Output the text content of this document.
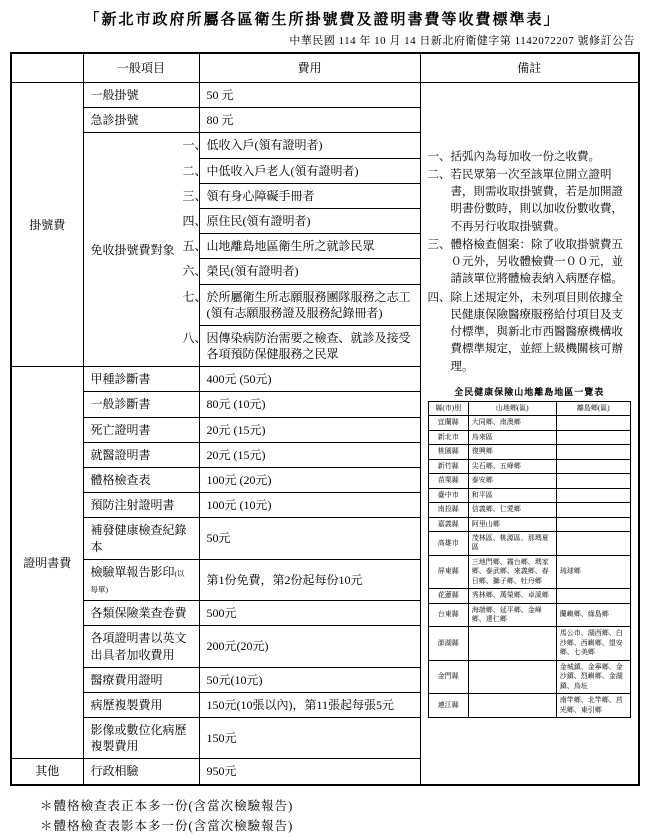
「新北市政府所屬各區衛生所掛號費及證明書費等收費標準表」
中華民國 114 年 10 月 14 日新北府衛健字第 1142072207 號修訂公告
	一般項目	費用	備註
掛號費	一般掛號	50 元	
一、括弧內為每加收一份之收費。
二、若民眾第一次至該單位開立證明書，則需收取掛號費，若是加開證明書份數時，則以加收份數收費，不再另行收取掛號費。
三、體格檢查個案：除了收取掛號費五０元外，另收體檢費一００元，並請該單位將體檢表納入病歷存檔。
四、除上述規定外，未列項目則依據全民健康保險醫療服務給付項目及支付標準，與新北市西醫醫療機構收費標準規定，並經上級機關核可辦理。
全民健康保險山地離島地區一覽表
縣(市)別	山地鄉(區)	離島鄉(區)
宜蘭縣	大同鄉、南澳鄉	
新北市	烏來區	
桃園縣	復興鄉	
新竹縣	尖石鄉、五峰鄉	
苗栗縣	泰安鄉	
臺中市	和平區	
南投縣	信義鄉、仁愛鄉	
嘉義縣	阿里山鄉	
高雄市	茂林區、桃源區、那瑪夏區	
屏東縣	三地門鄉、霧台鄉、瑪家鄉、泰武鄉、來義鄉、春日鄉、獅子鄉、牡丹鄉	琉球鄉
花蓮縣	秀林鄉、萬榮鄉、卓溪鄉	
台東縣	海端鄉、延平鄉、金峰鄉、達仁鄉	蘭嶼鄉、綠島鄉
澎湖縣		馬公市、湖西鄉、白沙鄉、西嶼鄉、望安鄉、七美鄉
金門縣		金城鎮、金寧鄉、金沙鎮、烈嶼鄉、金湖鎮、烏坵
連江縣		南竿鄉、北竿鄉、莒光鄉、東引鄉

急診掛號	80 元
免收掛號費對象	一、低收入戶(領有證明者)
二、中低收入戶老人(領有證明者)
三、領有身心障礙手冊者
四、原住民(領有證明者)
五、山地離島地區衛生所之就診民眾
六、榮民(領有證明者)
七、於所屬衛生所志願服務團隊服務之志工(領有志願服務證及服務紀錄冊者)
八、因傳染病防治需要之檢查、就診及接受各項預防保健服務之民眾
證明書費	甲種診斷書	400元 (50元)
一般診斷書	80元 (10元)
死亡證明書	20元 (15元)
就醫證明書	20元 (15元)
體格檢查表	100元 (20元)
預防注射證明書	100元 (10元)
補發健康檢查紀錄本	50元
檢驗單報告影印(以每單)	第1份免費，第2份起每份10元
各類保險業查卷費	500元
各項證明書以英文出具者加收費用	200元(20元)
醫療費用證明	50元(10元)
病歷複製費用	150元(10張以內)，第11張起每張5元
影像或數位化病歷複製費用	150元
其他	行政相驗	950元
＊體格檢查表正本多一份(含當次檢驗報告)
＊體格檢查表影本多一份(含當次檢驗報告)
